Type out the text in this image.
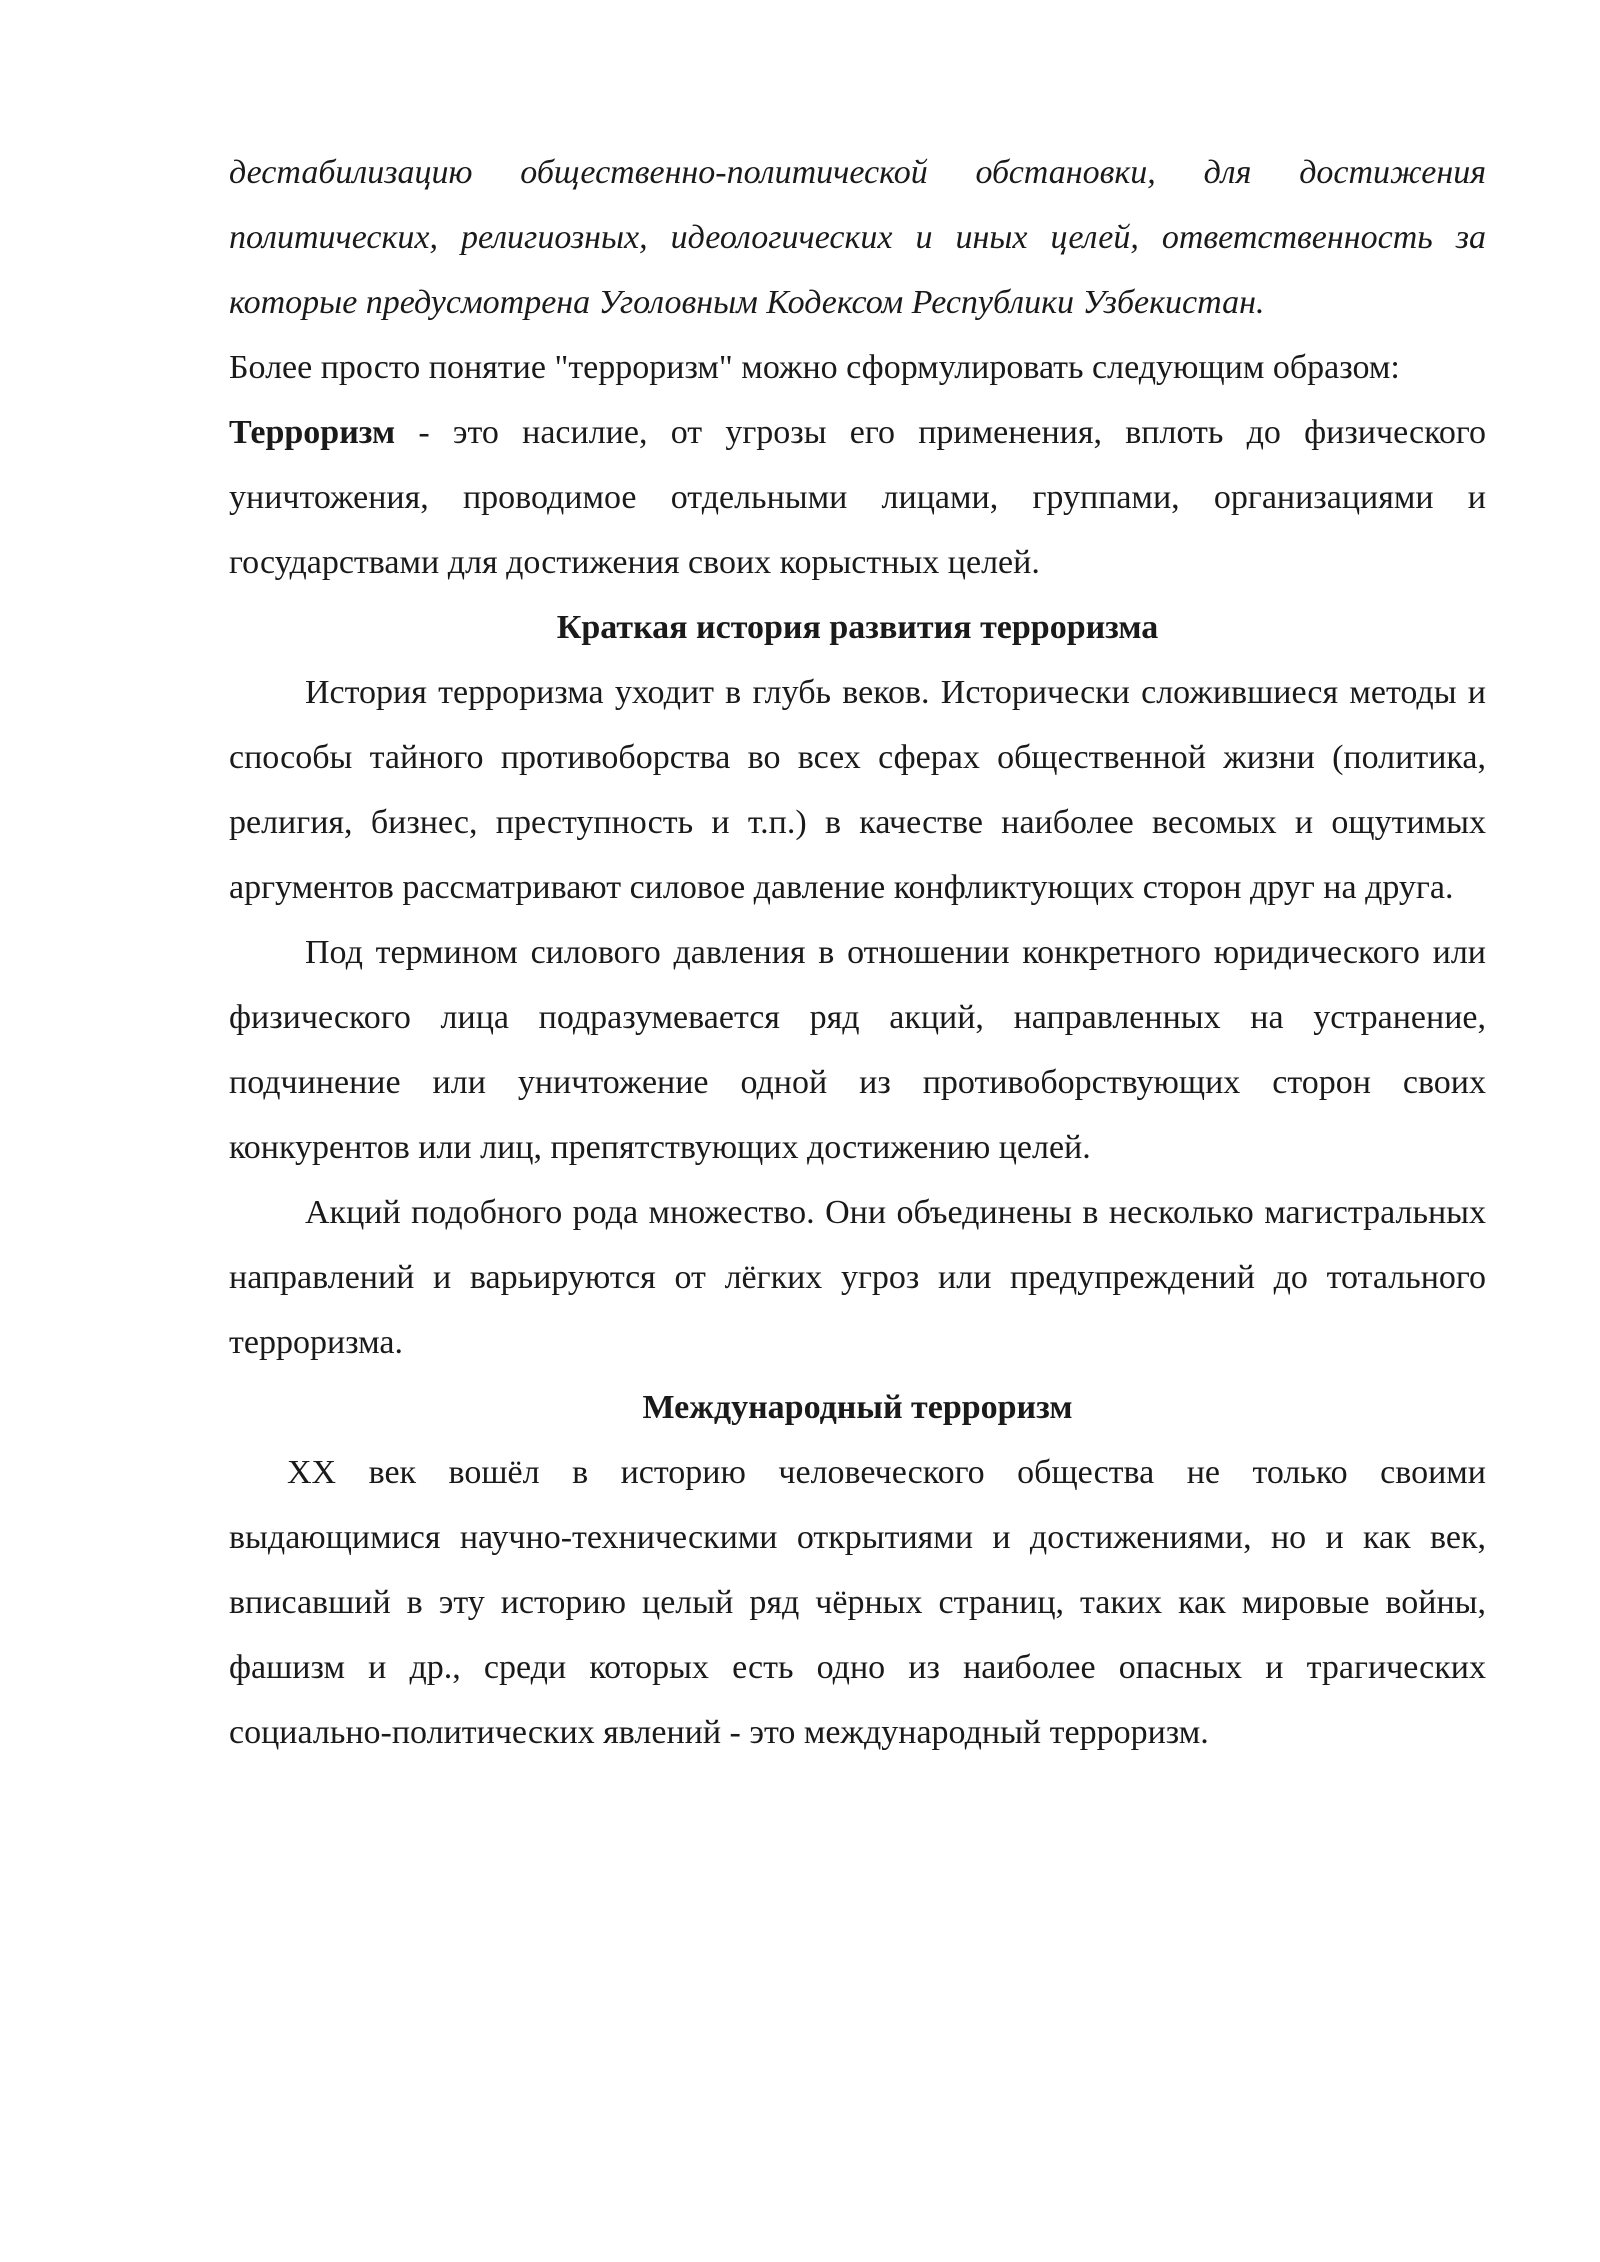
дестабилизацию общественно-политической обстановки, для достижения политических, религиозных, идеологических и иных целей, ответственность за которые предусмотрена Уголовным Кодексом Республики Узбекистан.

Более просто понятие "терроризм" можно сформулировать следующим образом:

Терроризм - это насилие, от угрозы его применения, вплоть до физического уничтожения, проводимое отдельными лицами, группами, организациями и государствами для достижения своих корыстных целей.

Краткая история развития терроризма

История терроризма уходит в глубь веков. Исторически сложившиеся методы и способы тайного противоборства во всех сферах общественной жизни (политика, религия, бизнес, преступность и т.п.) в качестве наиболее весомых и ощутимых аргументов рассматривают силовое давление конфликтующих сторон друг на друга.

Под термином силового давления в отношении конкретного юридического или физического лица подразумевается ряд акций, направленных на устранение, подчинение или уничтожение одной из противоборствующих сторон своих конкурентов или лиц, препятствующих достижению целей.

Акций подобного рода множество. Они объединены в несколько магистральных направлений и варьируются от лёгких угроз или предупреждений до тотального терроризма.

Международный терроризм

XX век вошёл в историю человеческого общества не только своими выдающимися научно-техническими открытиями и достижениями, но и как век, вписавший в эту историю целый ряд чёрных страниц, таких как мировые войны, фашизм и др., среди которых есть одно из наиболее опасных и трагических социально-политических явлений - это международный терроризм.
